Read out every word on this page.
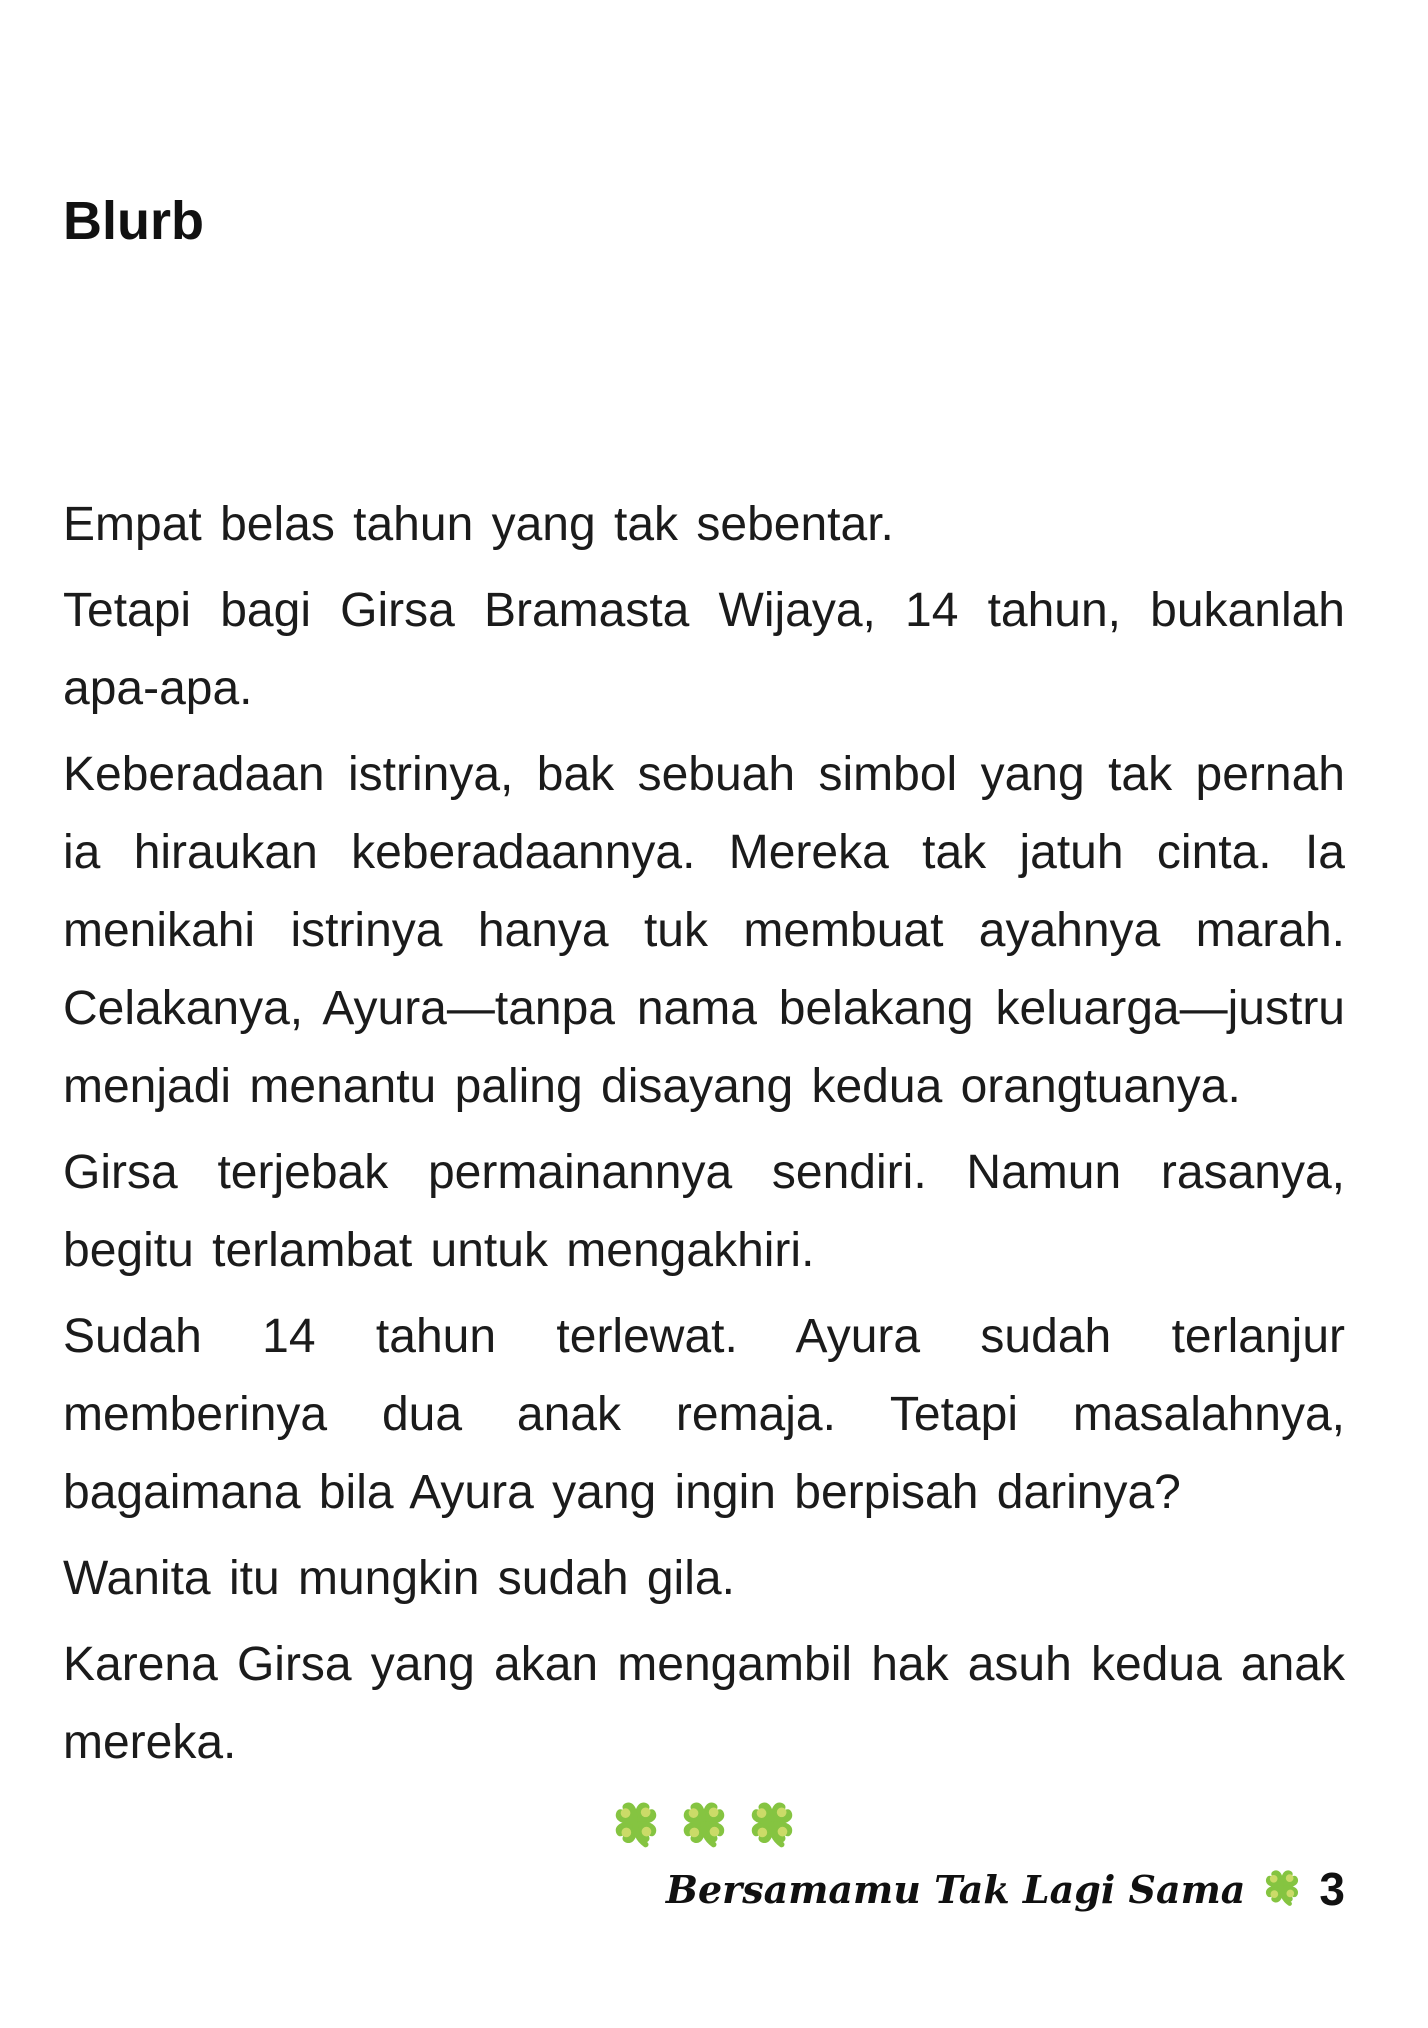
Blurb

Empat belas tahun yang tak sebentar.

Tetapi bagi Girsa Bramasta Wijaya, 14 tahun, bukanlah apa-apa.

Keberadaan istrinya, bak sebuah simbol yang tak pernah ia hiraukan keberadaannya. Mereka tak jatuh cinta. Ia menikahi istrinya hanya tuk membuat ayahnya marah. Celakanya, Ayura—tanpa nama belakang keluarga—justru menjadi menantu paling disayang kedua orangtuanya.

Girsa terjebak permainannya sendiri. Namun rasanya, begitu terlambat untuk mengakhiri.

Sudah 14 tahun terlewat. Ayura sudah terlanjur memberinya dua anak remaja. Tetapi masalahnya, bagaimana bila Ayura yang ingin berpisah darinya?

Wanita itu mungkin sudah gila.

Karena Girsa yang akan mengambil hak asuh kedua anak mereka.

Bersamamu Tak Lagi Sama 3
